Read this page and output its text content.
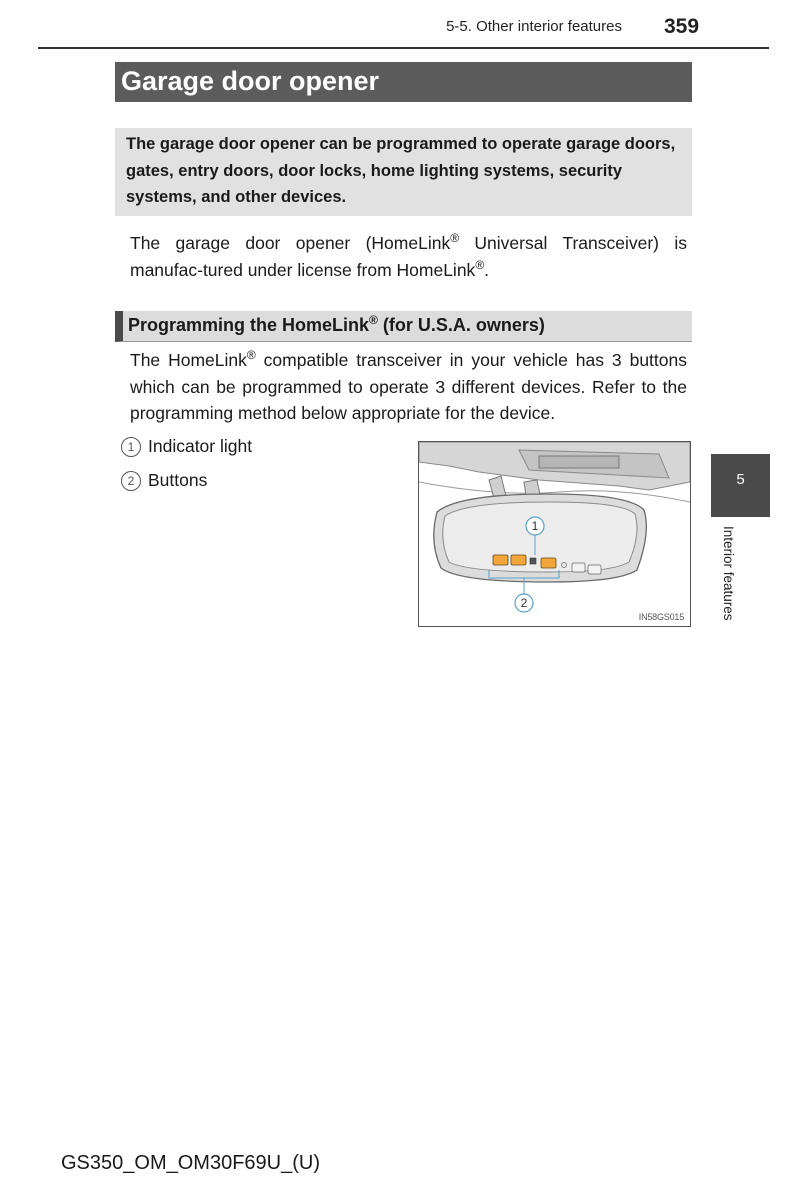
5-5. Other interior features 359
Garage door opener
The garage door opener can be programmed to operate garage doors, gates, entry doors, door locks, home lighting systems, security systems, and other devices.
The garage door opener (HomeLink® Universal Transceiver) is manufac-tured under license from HomeLink®.
Programming the HomeLink® (for U.S.A. owners)
The HomeLink® compatible transceiver in your vehicle has 3 buttons which can be programmed to operate 3 different devices. Refer to the programming method below appropriate for the device.
1 Indicator light
2 Buttons
1
2
IN58GS015
5
Interior features
GS350_OM_OM30F69U_(U)
